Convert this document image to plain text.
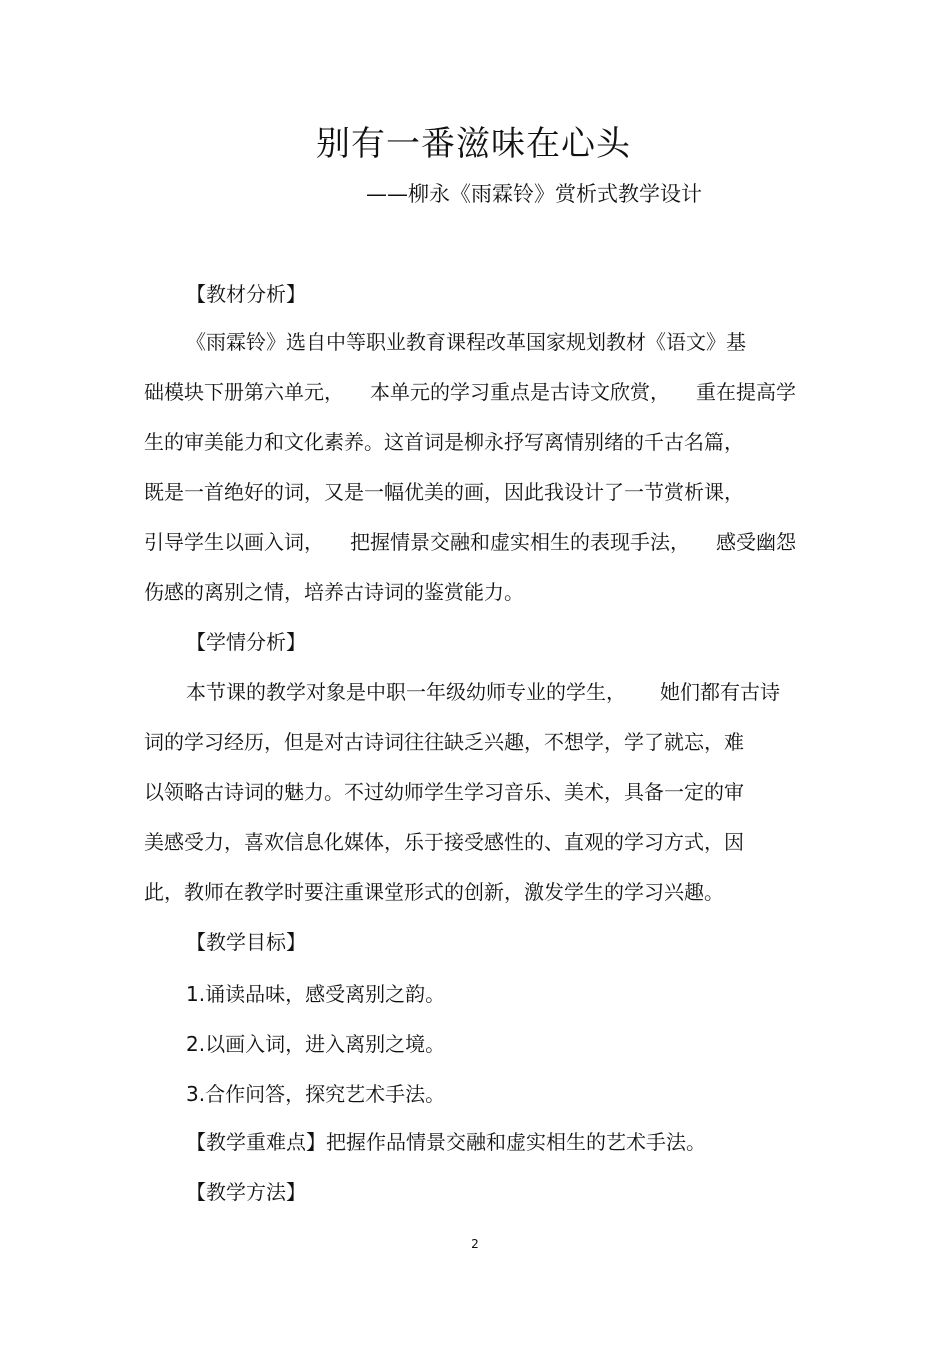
别有一番滋味在心头
——柳永《雨霖铃》赏析式教学设计
【教材分析】
《雨霖铃》选自中等职业教育课程改革国家规划教材《语文》基
础模块下册第六单元， 本单元的学习重点是古诗文欣赏， 重在提高学
生的审美能力和文化素养。这首词是柳永抒写离情别绪的千古名篇，
既是一首绝好的词，又是一幅优美的画，因此我设计了一节赏析课，
引导学生以画入词， 把握情景交融和虚实相生的表现手法， 感受幽怨
伤感的离别之情，培养古诗词的鉴赏能力。
【学情分析】
本节课的教学对象是中职一年级幼师专业的学生， 她们都有古诗
词的学习经历，但是对古诗词往往缺乏兴趣，不想学，学了就忘，难
以领略古诗词的魅力。不过幼师学生学习音乐、美术，具备一定的审
美感受力，喜欢信息化媒体，乐于接受感性的、直观的学习方式，因
此，教师在教学时要注重课堂形式的创新，激发学生的学习兴趣。
【教学目标】
1.诵读品味，感受离别之韵。
2.以画入词，进入离别之境。
3.合作问答，探究艺术手法。
【教学重难点】把握作品情景交融和虚实相生的艺术手法。
【教学方法】
2
